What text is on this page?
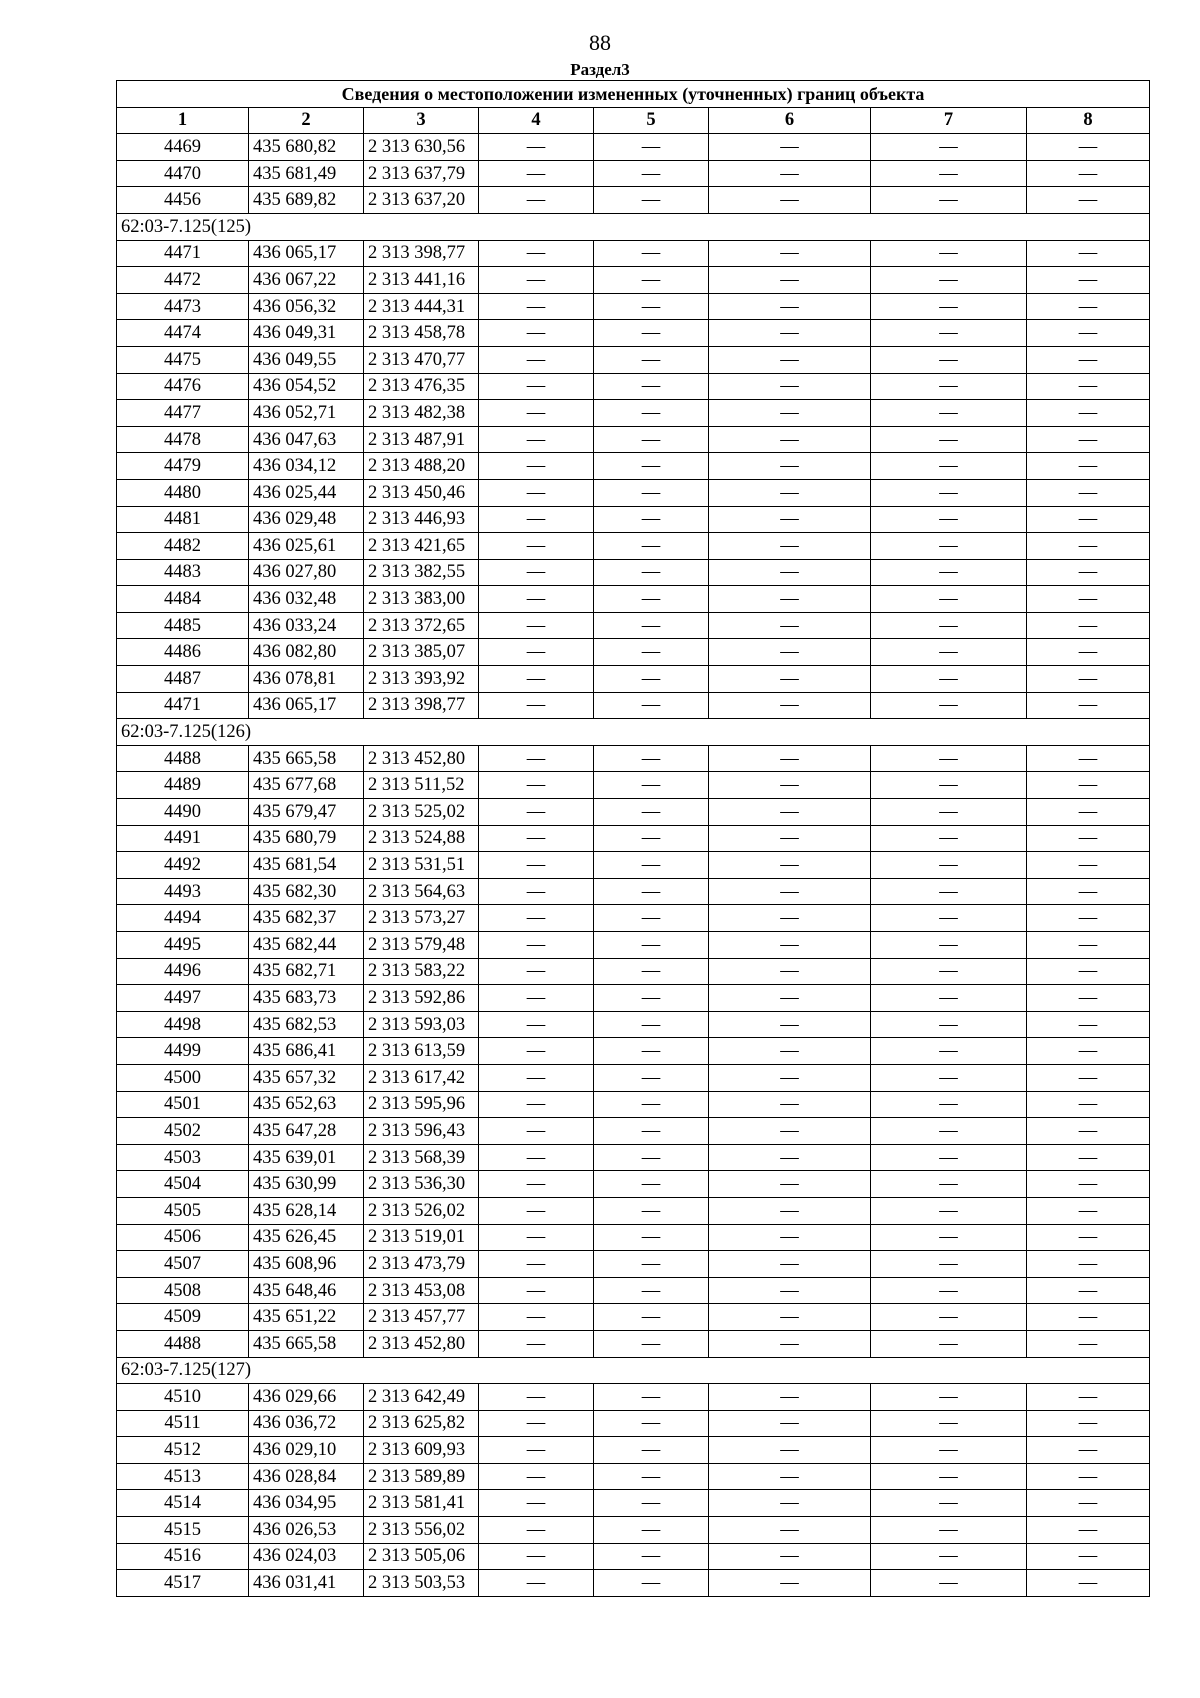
88
Раздел3
Сведения о местоположении измененных (уточненных) границ объекта							
1	2	3	4	5	6	7	8
4469	435 680,82	2 313 630,56	—	—	—	—	—
4470	435 681,49	2 313 637,79	—	—	—	—	—
4456	435 689,82	2 313 637,20	—	—	—	—	—
62:03-7.125(125)							
4471	436 065,17	2 313 398,77	—	—	—	—	—
4472	436 067,22	2 313 441,16	—	—	—	—	—
4473	436 056,32	2 313 444,31	—	—	—	—	—
4474	436 049,31	2 313 458,78	—	—	—	—	—
4475	436 049,55	2 313 470,77	—	—	—	—	—
4476	436 054,52	2 313 476,35	—	—	—	—	—
4477	436 052,71	2 313 482,38	—	—	—	—	—
4478	436 047,63	2 313 487,91	—	—	—	—	—
4479	436 034,12	2 313 488,20	—	—	—	—	—
4480	436 025,44	2 313 450,46	—	—	—	—	—
4481	436 029,48	2 313 446,93	—	—	—	—	—
4482	436 025,61	2 313 421,65	—	—	—	—	—
4483	436 027,80	2 313 382,55	—	—	—	—	—
4484	436 032,48	2 313 383,00	—	—	—	—	—
4485	436 033,24	2 313 372,65	—	—	—	—	—
4486	436 082,80	2 313 385,07	—	—	—	—	—
4487	436 078,81	2 313 393,92	—	—	—	—	—
4471	436 065,17	2 313 398,77	—	—	—	—	—
62:03-7.125(126)							
4488	435 665,58	2 313 452,80	—	—	—	—	—
4489	435 677,68	2 313 511,52	—	—	—	—	—
4490	435 679,47	2 313 525,02	—	—	—	—	—
4491	435 680,79	2 313 524,88	—	—	—	—	—
4492	435 681,54	2 313 531,51	—	—	—	—	—
4493	435 682,30	2 313 564,63	—	—	—	—	—
4494	435 682,37	2 313 573,27	—	—	—	—	—
4495	435 682,44	2 313 579,48	—	—	—	—	—
4496	435 682,71	2 313 583,22	—	—	—	—	—
4497	435 683,73	2 313 592,86	—	—	—	—	—
4498	435 682,53	2 313 593,03	—	—	—	—	—
4499	435 686,41	2 313 613,59	—	—	—	—	—
4500	435 657,32	2 313 617,42	—	—	—	—	—
4501	435 652,63	2 313 595,96	—	—	—	—	—
4502	435 647,28	2 313 596,43	—	—	—	—	—
4503	435 639,01	2 313 568,39	—	—	—	—	—
4504	435 630,99	2 313 536,30	—	—	—	—	—
4505	435 628,14	2 313 526,02	—	—	—	—	—
4506	435 626,45	2 313 519,01	—	—	—	—	—
4507	435 608,96	2 313 473,79	—	—	—	—	—
4508	435 648,46	2 313 453,08	—	—	—	—	—
4509	435 651,22	2 313 457,77	—	—	—	—	—
4488	435 665,58	2 313 452,80	—	—	—	—	—
62:03-7.125(127)							
4510	436 029,66	2 313 642,49	—	—	—	—	—
4511	436 036,72	2 313 625,82	—	—	—	—	—
4512	436 029,10	2 313 609,93	—	—	—	—	—
4513	436 028,84	2 313 589,89	—	—	—	—	—
4514	436 034,95	2 313 581,41	—	—	—	—	—
4515	436 026,53	2 313 556,02	—	—	—	—	—
4516	436 024,03	2 313 505,06	—	—	—	—	—
4517	436 031,41	2 313 503,53	—	—	—	—	—
